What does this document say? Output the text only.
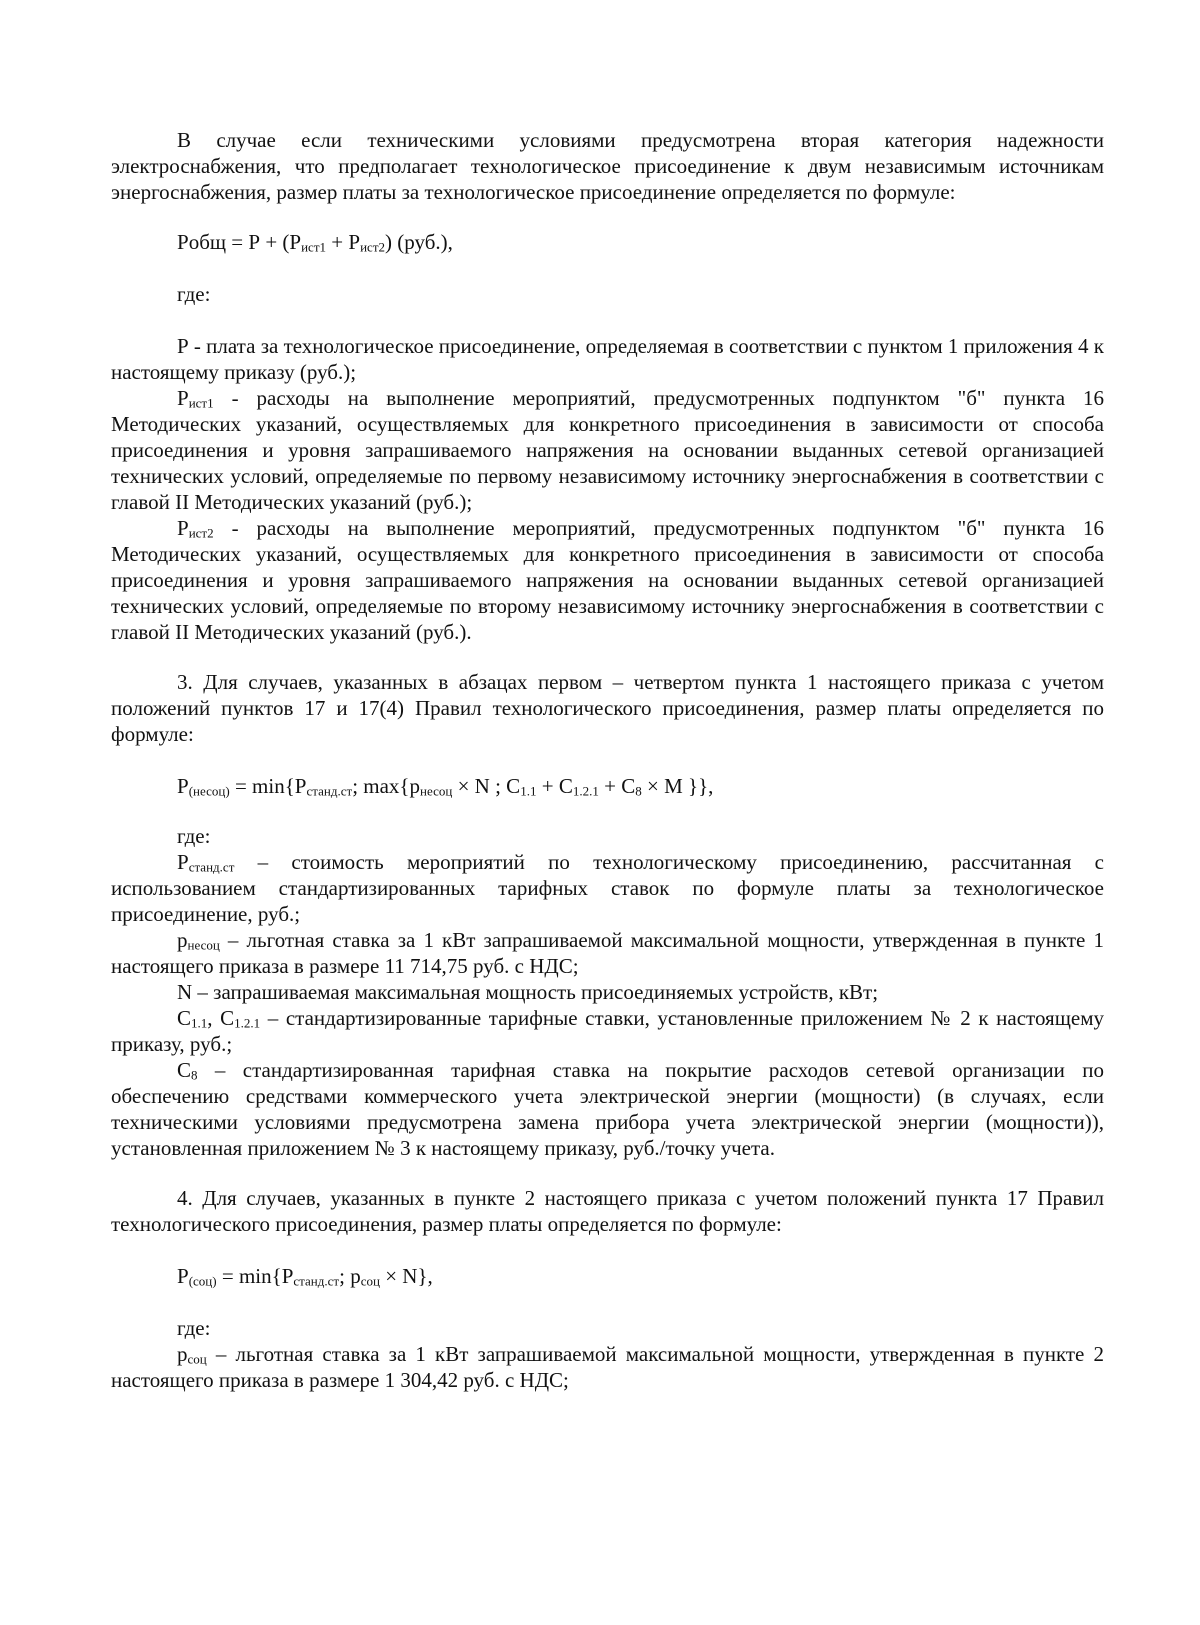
В случае если техническими условиями предусмотрена вторая категория надежности электроснабжения, что предполагает технологическое присоединение к двум независимым источникам энергоснабжения, размер платы за технологическое присоединение определяется по формуле:

Робщ = $Р + (Р_{ист1} + Р_{ист2})$ (руб.),

где:

Р - плата за технологическое присоединение, определяемая в соответствии с пунктом 1 приложения 4 к настоящему приказу (руб.);

$Р_{ист1}$ - расходы на выполнение мероприятий, предусмотренных подпунктом "б" пункта 16 Методических указаний, осуществляемых для конкретного присоединения в зависимости от способа присоединения и уровня запрашиваемого напряжения на основании выданных сетевой организацией технических условий, определяемые по первому независимому источнику энергоснабжения в соответствии с главой II Методических указаний (руб.);

$Р_{ист2}$ - расходы на выполнение мероприятий, предусмотренных подпунктом "б" пункта 16 Методических указаний, осуществляемых для конкретного присоединения в зависимости от способа присоединения и уровня запрашиваемого напряжения на основании выданных сетевой организацией технических условий, определяемые по второму независимому источнику энергоснабжения в соответствии с главой II Методических указаний (руб.).

3. Для случаев, указанных в абзацах первом – четвертом пункта 1 настоящего приказа с учетом положений пунктов 17 и 17(4) Правил технологического присоединения, размер платы определяется по формуле:

$Р_{(несоц)} = \min\{Р_{станд.ст}$; $\max\{p_{несоц} \times N$ ; $С_{1.1} + С_{1.2.1} + С_8 \times М$ }},

где:

$Р_{станд.ст}$ – стоимость мероприятий по технологическому присоединению, рассчитанная с использованием стандартизированных тарифных ставок по формуле платы за технологическое присоединение, руб.;

$p_{несоц}$ – льготная ставка за 1 кВт запрашиваемой максимальной мощности, утвержденная в пункте 1 настоящего приказа в размере 11 714,75 руб. с НДС;

N – запрашиваемая максимальная мощность присоединяемых устройств, кВт;

$С_{1.1}$, $С_{1.2.1}$ – стандартизированные тарифные ставки, установленные приложением № 2 к настоящему приказу, руб.;

$С_8$ – стандартизированная тарифная ставка на покрытие расходов сетевой организации по обеспечению средствами коммерческого учета электрической энергии (мощности) (в случаях, если техническими условиями предусмотрена замена прибора учета электрической энергии (мощности)), установленная приложением № 3 к настоящему приказу, руб./точку учета.

4. Для случаев, указанных в пункте 2 настоящего приказа с учетом положений пункта 17 Правил технологического присоединения, размер платы определяется по формуле:

$Р_{(соц)} = \min\{Р_{станд.ст}$; $p_{соц} \times N$},

где:

$p_{соц}$ – льготная ставка за 1 кВт запрашиваемой максимальной мощности, утвержденная в пункте 2 настоящего приказа в размере 1 304,42 руб. с НДС;
